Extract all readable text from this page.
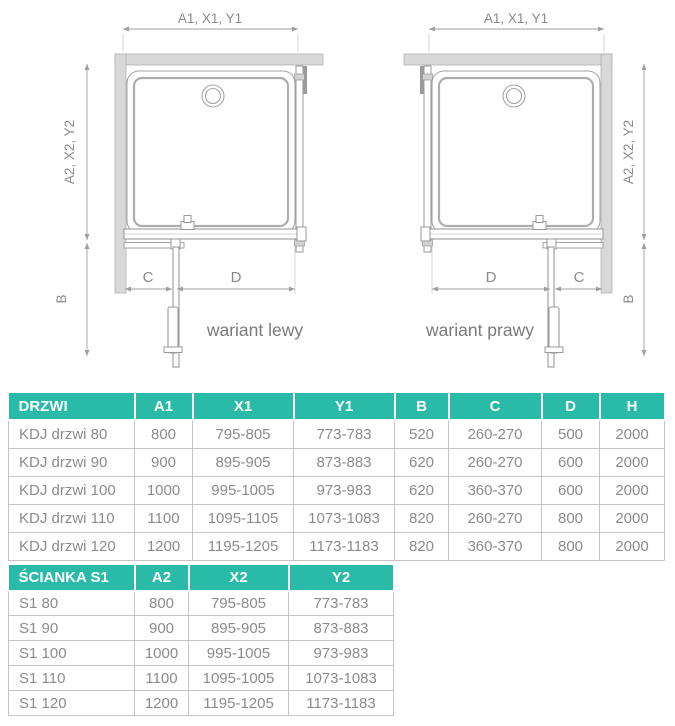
A1, X1, Y1
A2, X2, Y2
B
C	D
wariant lewy
A1, X1, Y1
A2, X2, Y2
B
D	C
wariant prawy
DRZWI	A1	X1	Y1	B	C	D	H
KDJ drzwi 80	800	795-805	773-783	520	260-270	500	2000
KDJ drzwi 90	900	895-905	873-883	620	260-270	600	2000
KDJ drzwi 100	1000	995-1005	973-983	620	360-370	600	2000
KDJ drzwi 110	1100	1095-1105	1073-1083	820	260-270	800	2000
KDJ drzwi 120	1200	1195-1205	1173-1183	820	360-370	800	2000
ŚCIANKA S1	A2	X2	Y2
S1 80	800	795-805	773-783
S1 90	900	895-905	873-883
S1 100	1000	995-1005	973-983
S1 110	1100	1095-1005	1073-1083
S1 120	1200	1195-1205	1173-1183
